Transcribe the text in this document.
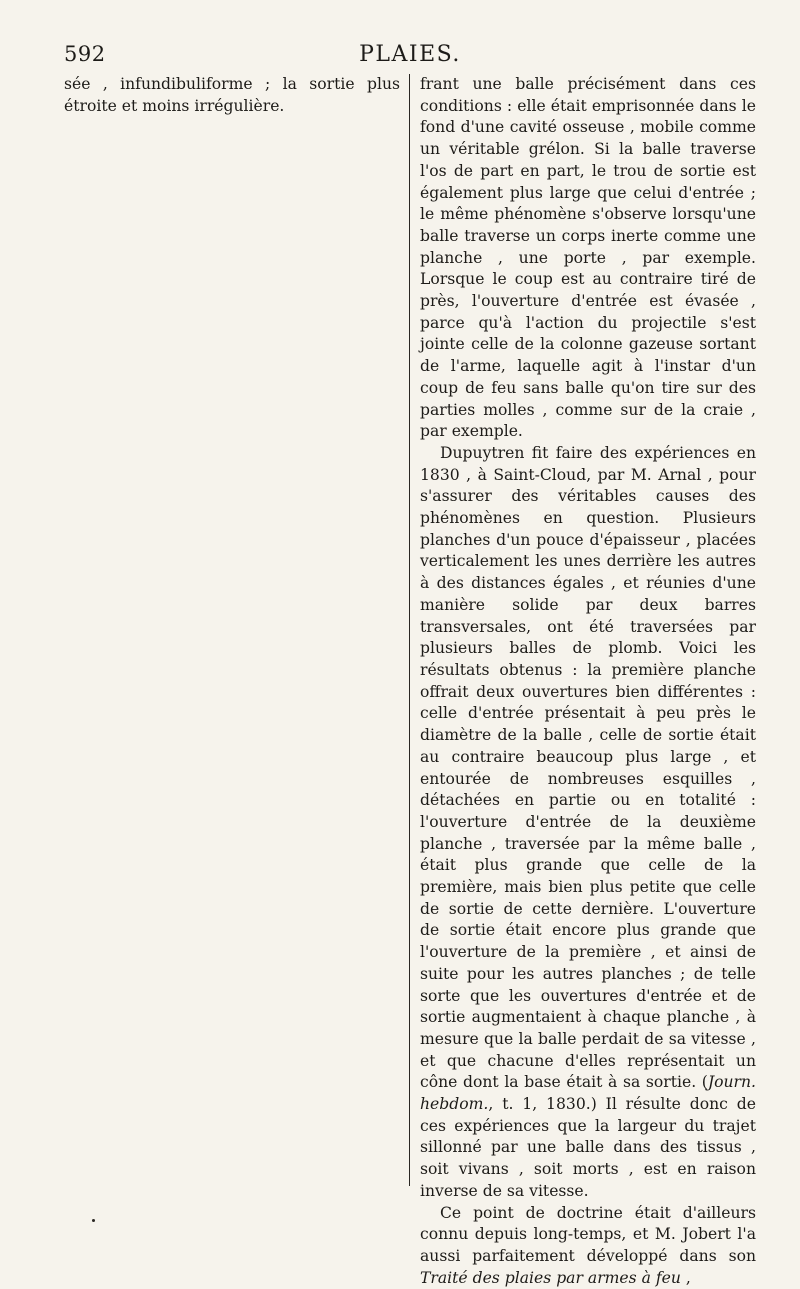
592	PLAIES.

sée , infundibuliforme ; la sortie plus étroite et moins irrégulière.

frant une balle précisément dans ces conditions : elle était emprisonnée dans le fond d'une cavité osseuse , mobile comme un véritable grélon. Si la balle traverse l'os de part en part, le trou de sortie est également plus large que celui d'entrée ; le même phénomène s'observe lorsqu'une balle traverse un corps inerte comme une planche , une porte , par exemple. Lorsque le coup est au contraire tiré de près, l'ouverture d'entrée est évasée , parce qu'à l'action du projectile s'est jointe celle de la colonne gazeuse sortant de l'arme, laquelle agit à l'instar d'un coup de feu sans balle qu'on tire sur des parties molles , comme sur de la craie , par exemple.

Dupuytren fit faire des expériences en 1830 , à Saint-Cloud, par M. Arnal , pour s'assurer des véritables causes des phénomènes en question. Plusieurs planches d'un pouce d'épaisseur , placées verticalement les unes derrière les autres à des distances égales , et réunies d'une manière solide par deux barres transversales, ont été traversées par plusieurs balles de plomb. Voici les résultats obtenus : la première planche offrait deux ouvertures bien différentes : celle d'entrée présentait à peu près le diamètre de la balle , celle de sortie était au contraire beaucoup plus large , et entourée de nombreuses esquilles , détachées en partie ou en totalité : l'ouverture d'entrée de la deuxième planche , traversée par la même balle , était plus grande que celle de la première, mais bien plus petite que celle de sortie de cette dernière. L'ouverture de sortie était encore plus grande que l'ouverture de la première , et ainsi de suite pour les autres planches ; de telle sorte que les ouvertures d'entrée et de sortie augmentaient à chaque planche , à mesure que la balle perdait de sa vitesse , et que chacune d'elles représentait un cône dont la base était à sa sortie. (Journ. hebdom., t. 1, 1830.) Il résulte donc de ces expériences que la largeur du trajet sillonné par une balle dans des tissus , soit vivans , soit morts , est en raison inverse de sa vitesse.

Ce point de doctrine était d'ailleurs connu depuis long-temps, et M. Jobert l'a aussi parfaitement développé dans son Traité des plaies par armes à feu ,
